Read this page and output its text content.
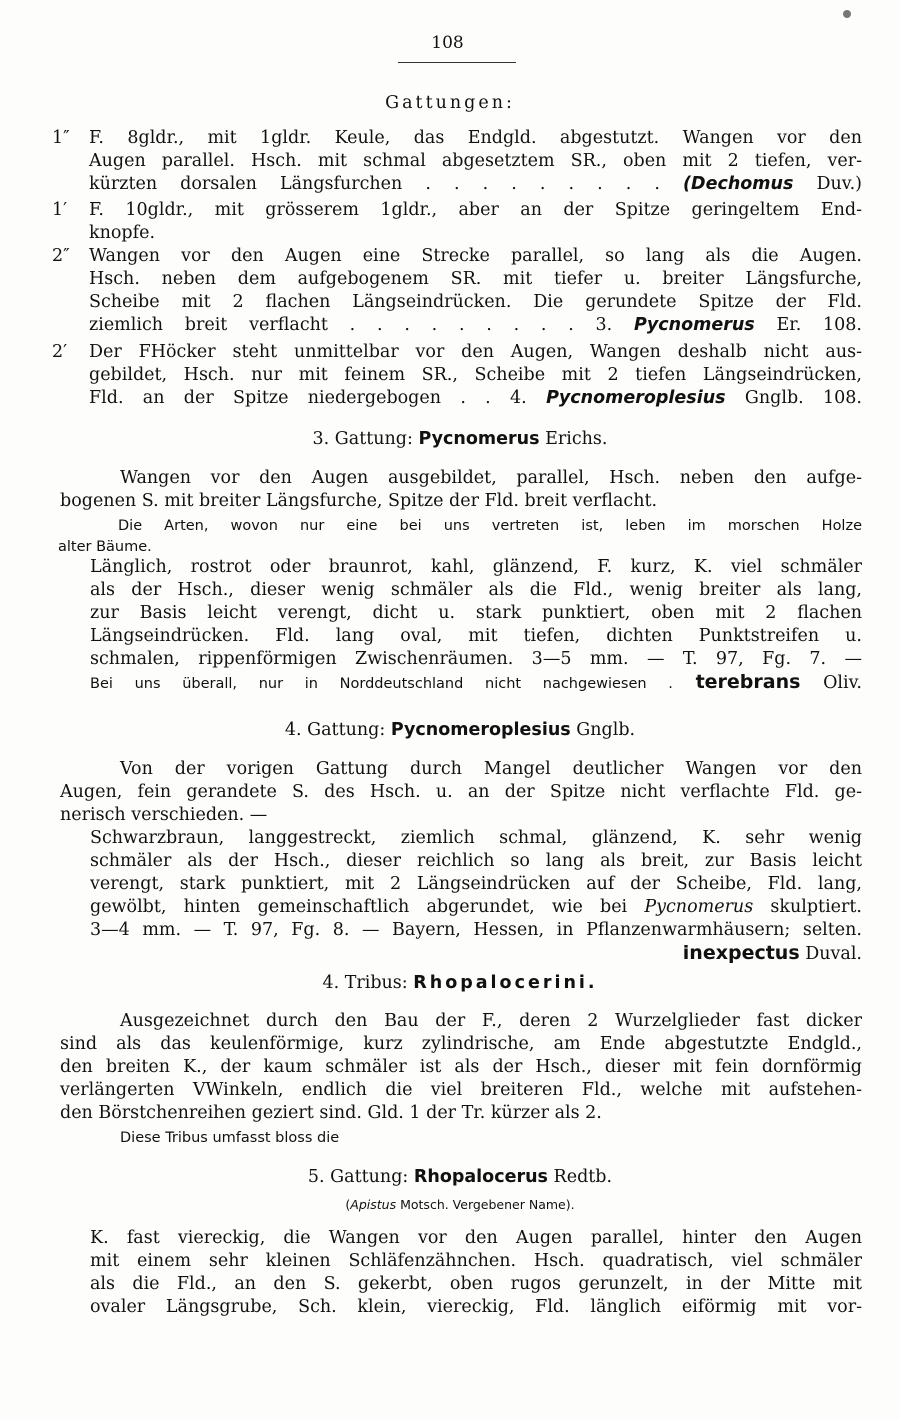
108
Gattungen:
1″ F. 8gldr., mit 1gldr. Keule, das Endgld. abgestutzt. Wangen vor den
Augen parallel. Hsch. mit schmal abgesetztem SR., oben mit 2 tiefen, ver-
kürzten dorsalen Längsfurchen . . . . . . . . . (Dechomus Duv.)
1′ F. 10gldr., mit grösserem 1gldr., aber an der Spitze geringeltem End-
knopfe.
2″ Wangen vor den Augen eine Strecke parallel, so lang als die Augen.
Hsch. neben dem aufgebogenem SR. mit tiefer u. breiter Längsfurche,
Scheibe mit 2 flachen Längseindrücken. Die gerundete Spitze der Fld.
ziemlich breit verflacht . . . . . . . . . 3. Pycnomerus Er. 108.
2′ Der FHöcker steht unmittelbar vor den Augen, Wangen deshalb nicht aus-
gebildet, Hsch. nur mit feinem SR., Scheibe mit 2 tiefen Längseindrücken,
Fld. an der Spitze niedergebogen . . 4. Pycnomeroplesius Gnglb. 108.
3. Gattung: Pycnomerus Erichs.
Wangen vor den Augen ausgebildet, parallel, Hsch. neben den aufge-
bogenen S. mit breiter Längsfurche, Spitze der Fld. breit verflacht.
Die Arten, wovon nur eine bei uns vertreten ist, leben im morschen Holze
alter Bäume.
Länglich, rostrot oder braunrot, kahl, glänzend, F. kurz, K. viel schmäler
als der Hsch., dieser wenig schmäler als die Fld., wenig breiter als lang,
zur Basis leicht verengt, dicht u. stark punktiert, oben mit 2 flachen
Längseindrücken. Fld. lang oval, mit tiefen, dichten Punktstreifen u.
schmalen, rippenförmigen Zwischenräumen. 3—5 mm. — T. 97, Fg. 7. —
Bei uns überall, nur in Norddeutschland nicht nachgewiesen . terebrans Oliv.
4. Gattung: Pycnomeroplesius Gnglb.
Von der vorigen Gattung durch Mangel deutlicher Wangen vor den
Augen, fein gerandete S. des Hsch. u. an der Spitze nicht verflachte Fld. ge-
nerisch verschieden. —
Schwarzbraun, langgestreckt, ziemlich schmal, glänzend, K. sehr wenig
schmäler als der Hsch., dieser reichlich so lang als breit, zur Basis leicht
verengt, stark punktiert, mit 2 Längseindrücken auf der Scheibe, Fld. lang,
gewölbt, hinten gemeinschaftlich abgerundet, wie bei Pycnomerus skulptiert.
3—4 mm. — T. 97, Fg. 8. — Bayern, Hessen, in Pflanzenwarmhäusern; selten.
inexpectus Duval.
4. Tribus: Rhopalocerini.
Ausgezeichnet durch den Bau der F., deren 2 Wurzelglieder fast dicker
sind als das keulenförmige, kurz zylindrische, am Ende abgestutzte Endgld.,
den breiten K., der kaum schmäler ist als der Hsch., dieser mit fein dornförmig
verlängerten VWinkeln, endlich die viel breiteren Fld., welche mit aufstehen-
den Börstchenreihen geziert sind. Gld. 1 der Tr. kürzer als 2.
Diese Tribus umfasst bloss die
5. Gattung: Rhopalocerus Redtb.
(Apistus Motsch. Vergebener Name).
K. fast viereckig, die Wangen vor den Augen parallel, hinter den Augen
mit einem sehr kleinen Schläfenzähnchen. Hsch. quadratisch, viel schmäler
als die Fld., an den S. gekerbt, oben rugos gerunzelt, in der Mitte mit
ovaler Längsgrube, Sch. klein, viereckig, Fld. länglich eiförmig mit vor-
